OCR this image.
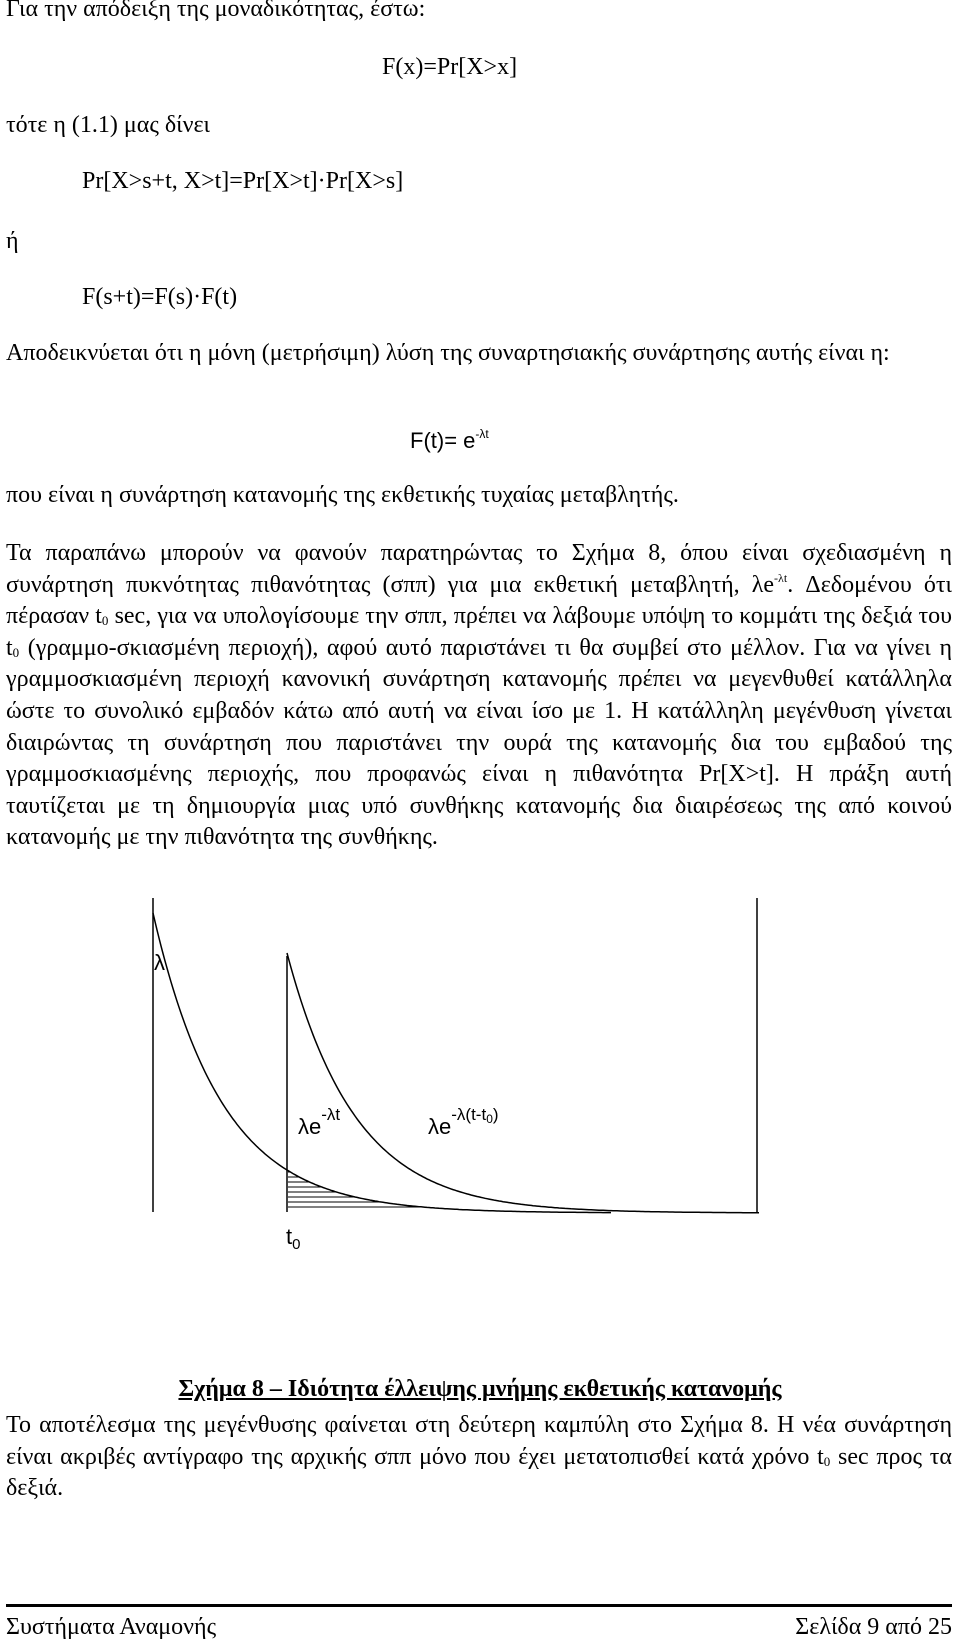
Για την απόδειξη της μοναδικότητας, έστω:
F(x)=Pr[X>x]
τότε η (1.1) μας δίνει
Pr[X>s+t, X>t]=Pr[X>t]·Pr[X>s]
ή
F(s+t)=F(s)·F(t)

Αποδεικνύεται ότι η μόνη (μετρήσιμη) λύση της συναρτησιακής συνάρτησης αυτής είναι η:

$F(t)= e^{-\lambda t}$
που είναι η συνάρτηση κατανομής της εκθετικής τυχαίας μεταβλητής.

Τα παραπάνω μπορούν να φανούν παρατηρώντας το Σχήμα 8, όπου είναι σχεδιασμένη η συνάρτηση πυκνότητας πιθανότητας (σππ) για μια εκθετική μεταβλητή, $\lambda e^{-\lambda t}$. Δεδομένου ότι πέρασαν $t_0$ sec, για να υπολογίσουμε την σππ, πρέπει να λάβουμε υπόψη το κομμάτι της δεξιά του $t_0$ (γραμμο-σκιασμένη περιοχή), αφού αυτό παριστάνει τι θα συμβεί στο μέλλον. Για να γίνει η γραμμοσκιασμένη περιοχή κανονική συνάρτηση κατανομής πρέπει να μεγενθυθεί κατάλληλα ώστε το συνολικό εμβαδόν κάτω από αυτή να είναι ίσο με 1. Η κατάλληλη μεγένθυση γίνεται διαιρώντας τη συνάρτηση που παριστάνει την ουρά της κατανομής δια του εμβαδού της γραμμοσκιασμένης περιοχής, που προφανώς είναι η πιθανότητα Pr[X>t]. Η πράξη αυτή ταυτίζεται με τη δημιουργία μιας υπό συνθήκης κατανομής δια διαιρέσεως της από κοινού κατανομής με την πιθανότητα της συνθήκης.

λ
$\lambda e^{-\lambda t}$	$\lambda e^{-\lambda(t-t}0$)
$t_0$
Σχήμα 8 – Ιδιότητα έλλειψης μνήμης εκθετικής κατανομής

Το αποτέλεσμα της μεγένθυσης φαίνεται στη δεύτερη καμπύλη στο Σχήμα 8. Η νέα συνάρτηση είναι ακριβές αντίγραφο της αρχικής σππ μόνο που έχει μετατοπισθεί κατά χρόνο $t_0$ sec προς τα δεξιά.

Συστήματα Αναμονής	Σελίδα 9 από 25
